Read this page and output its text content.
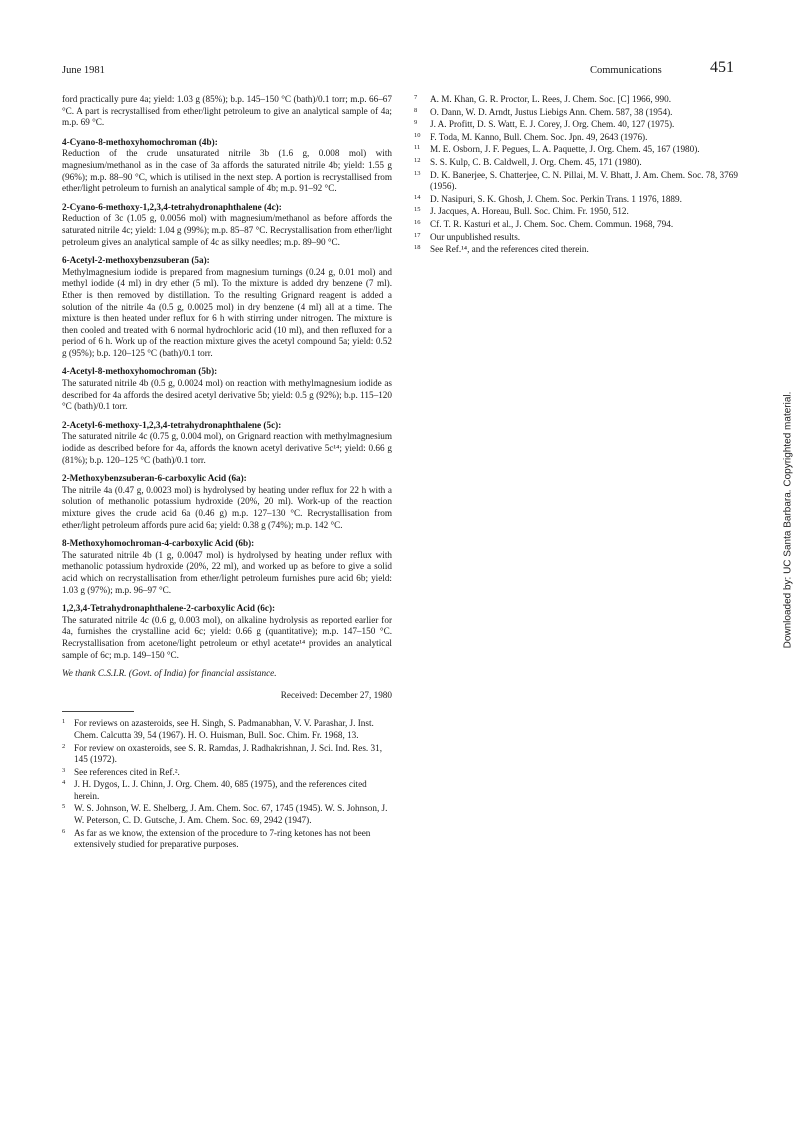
June 1981	Communications	451
ford practically pure 4a; yield: 1.03 g (85%); b.p. 145–150 °C (bath)/0.1 torr; m.p. 66–67 °C. A part is recrystallised from ether/light petroleum to give an analytical sample of 4a; m.p. 69 °C.
4-Cyano-8-methoxyhomochroman (4b):
Reduction of the crude unsaturated nitrile 3b (1.6 g, 0.008 mol) with magnesium/methanol as in the case of 3a affords the saturated nitrile 4b; yield: 1.55 g (96%); m.p. 88–90 °C, which is utilised in the next step. A portion is recrystallised from ether/light petroleum to furnish an analytical sample of 4b; m.p. 91–92 °C.
2-Cyano-6-methoxy-1,2,3,4-tetrahydronaphthalene (4c):
Reduction of 3c (1.05 g, 0.0056 mol) with magnesium/methanol as before affords the saturated nitrile 4c; yield: 1.04 g (99%); m.p. 85–87 °C. Recrystallisation from ether/light petroleum gives an analytical sample of 4c as silky needles; m.p. 89–90 °C.
6-Acetyl-2-methoxybenzsuberan (5a):
Methylmagnesium iodide is prepared from magnesium turnings (0.24 g, 0.01 mol) and methyl iodide (4 ml) in dry ether (5 ml). To the mixture is added dry benzene (7 ml). Ether is then removed by distillation. To the resulting Grignard reagent is added a solution of the nitrile 4a (0.5 g, 0.0025 mol) in dry benzene (4 ml) all at a time. The mixture is then heated under reflux for 6 h with stirring under nitrogen. The mixture is then cooled and treated with 6 normal hydrochloric acid (10 ml), and then refluxed for a period of 6 h. Work up of the reaction mixture gives the acetyl compound 5a; yield: 0.52 g (95%); b.p. 120–125 °C (bath)/0.1 torr.
4-Acetyl-8-methoxyhomochroman (5b):
The saturated nitrile 4b (0.5 g, 0.0024 mol) on reaction with methylmagnesium iodide as described for 4a affords the desired acetyl derivative 5b; yield: 0.5 g (92%); b.p. 115–120 °C (bath)/0.1 torr.
2-Acetyl-6-methoxy-1,2,3,4-tetrahydronaphthalene (5c):
The saturated nitrile 4c (0.75 g, 0.004 mol), on Grignard reaction with methylmagnesium iodide as described before for 4a, affords the known acetyl derivative 5c¹⁴; yield: 0.66 g (81%); b.p. 120–125 °C (bath)/0.1 torr.
2-Methoxybenzsuberan-6-carboxylic Acid (6a):
The nitrile 4a (0.47 g, 0.0023 mol) is hydrolysed by heating under reflux for 22 h with a solution of methanolic potassium hydroxide (20%, 20 ml). Work-up of the reaction mixture gives the crude acid 6a (0.46 g) m.p. 127–130 °C. Recrystallisation from ether/light petroleum affords pure acid 6a; yield: 0.38 g (74%); m.p. 142 °C.
8-Methoxyhomochroman-4-carboxylic Acid (6b):
The saturated nitrile 4b (1 g, 0.0047 mol) is hydrolysed by heating under reflux with methanolic potassium hydroxide (20%, 22 ml), and worked up as before to give a solid acid which on recrystallisation from ether/light petroleum furnishes pure acid 6b; yield: 1.03 g (97%); m.p. 96–97 °C.
1,2,3,4-Tetrahydronaphthalene-2-carboxylic Acid (6c):
The saturated nitrile 4c (0.6 g, 0.003 mol), on alkaline hydrolysis as reported earlier for 4a, furnishes the crystalline acid 6c; yield: 0.66 g (quantitative); m.p. 147–150 °C. Recrystallisation from acetone/light petroleum or ethyl acetate¹⁴ provides an analytical sample of 6c; m.p. 149–150 °C.
We thank C.S.I.R. (Govt. of India) for financial assistance.
Received: December 27, 1980
1 For reviews on azasteroids, see H. Singh, S. Padmanabhan, V. V. Parashar, J. Inst. Chem. Calcutta 39, 54 (1967). H. O. Huisman, Bull. Soc. Chim. Fr. 1968, 13.
2 For review on oxasteroids, see S. R. Ramdas, J. Radhakrishnan, J. Sci. Ind. Res. 31, 145 (1972).
3 See references cited in Ref.².
4 J. H. Dygos, L. J. Chinn, J. Org. Chem. 40, 685 (1975), and the references cited herein.
5 W. S. Johnson, W. E. Shelberg, J. Am. Chem. Soc. 67, 1745 (1945). W. S. Johnson, J. W. Peterson, C. D. Gutsche, J. Am. Chem. Soc. 69, 2942 (1947).
6 As far as we know, the extension of the procedure to 7-ring ketones has not been extensively studied for preparative purposes.
7 A. M. Khan, G. R. Proctor, L. Rees, J. Chem. Soc. [C] 1966, 990.
8 O. Dann, W. D. Arndt, Justus Liebigs Ann. Chem. 587, 38 (1954).
9 J. A. Profitt, D. S. Watt, E. J. Corey, J. Org. Chem. 40, 127 (1975).
10 F. Toda, M. Kanno, Bull. Chem. Soc. Jpn. 49, 2643 (1976).
11 M. E. Osborn, J. F. Pegues, L. A. Paquette, J. Org. Chem. 45, 167 (1980).
12 S. S. Kulp, C. B. Caldwell, J. Org. Chem. 45, 171 (1980).
13 D. K. Banerjee, S. Chatterjee, C. N. Pillai, M. V. Bhatt, J. Am. Chem. Soc. 78, 3769 (1956).
14 D. Nasipuri, S. K. Ghosh, J. Chem. Soc. Perkin Trans. 1 1976, 1889.
15 J. Jacques, A. Horeau, Bull. Soc. Chim. Fr. 1950, 512.
16 Cf. T. R. Kasturi et al., J. Chem. Soc. Chem. Commun. 1968, 794.
17 Our unpublished results.
18 See Ref.¹⁴, and the references cited therein.
Downloaded by: UC Santa Barbara. Copyrighted material.
